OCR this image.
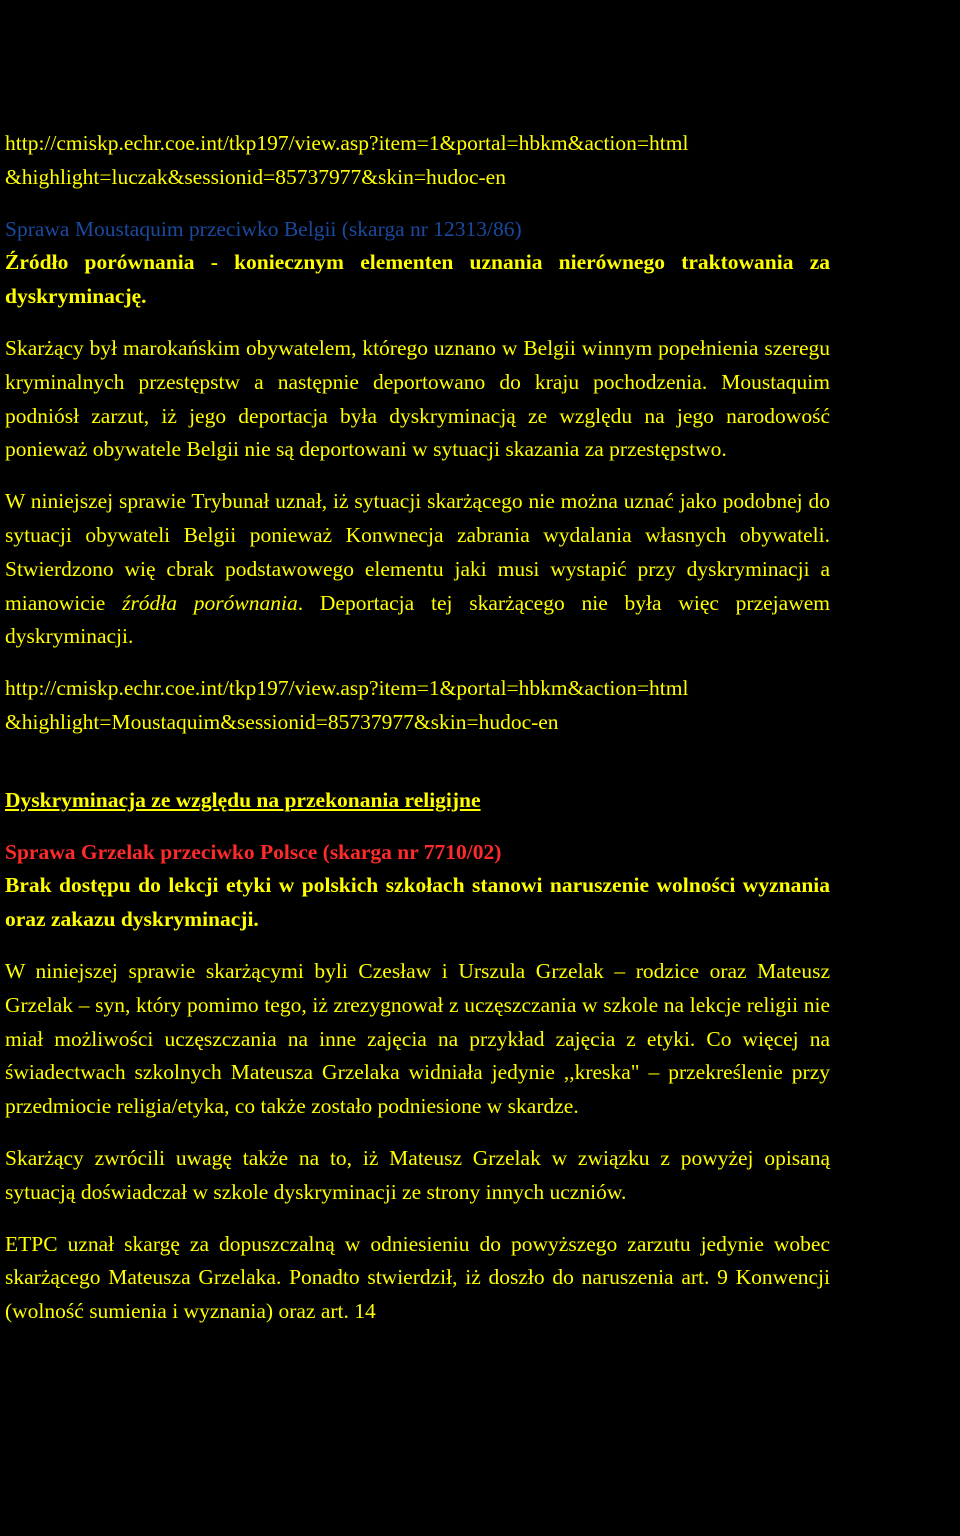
http://cmiskp.echr.coe.int/tkp197/view.asp?item=1&portal=hbkm&action=html

&highlight=luczak&sessionid=85737977&skin=hudoc-en

Sprawa Moustaquim przeciwko Belgii (skarga nr 12313/86)

Źródło porównania - koniecznym elementen uznania nierównego traktowania za dyskryminację.

Skarżący był marokańskim obywatelem, którego uznano w Belgii winnym popełnienia szeregu kryminalnych przestępstw a następnie deportowano do kraju pochodzenia. Moustaquim podniósł zarzut, iż jego deportacja była dyskryminacją ze względu na jego narodowość ponieważ obywatele Belgii nie są deportowani w sytuacji skazania za przestępstwo.

W niniejszej sprawie Trybunał uznał, iż sytuacji skarżącego nie można uznać jako podobnej do sytuacji obywateli Belgii ponieważ Konwnecja zabrania wydalania własnych obywateli. Stwierdzono wię cbrak podstawowego elementu jaki musi wystapić przy dyskryminacji a mianowicie źródła porównania. Deportacja tej skarżącego nie była więc przejawem dyskryminacji.

http://cmiskp.echr.coe.int/tkp197/view.asp?item=1&portal=hbkm&action=html

&highlight=Moustaquim&sessionid=85737977&skin=hudoc-en

Dyskryminacja ze względu na przekonania religijne

Sprawa Grzelak przeciwko Polsce (skarga nr 7710/02)

Brak dostępu do lekcji etyki w polskich szkołach stanowi naruszenie wolności wyznania oraz zakazu dyskryminacji.

W niniejszej sprawie skarżącymi byli Czesław i Urszula Grzelak – rodzice oraz Mateusz Grzelak – syn, który pomimo tego, iż zrezygnował z uczęszczania w szkole na lekcje religii nie miał możliwości uczęszczania na inne zajęcia na przykład zajęcia z etyki. Co więcej na świadectwach szkolnych Mateusza Grzelaka widniała jedynie ,,kreska" – przekreślenie przy przedmiocie religia/etyka, co także zostało podniesione w skardze.

Skarżący zwrócili uwagę także na to, iż Mateusz Grzelak w związku z powyżej opisaną sytuacją doświadczał w szkole dyskryminacji ze strony innych uczniów.

ETPC uznał skargę za dopuszczalną w odniesieniu do powyższego zarzutu jedynie wobec skarżącego Mateusza Grzelaka. Ponadto stwierdził, iż doszło do naruszenia art. 9 Konwencji (wolność sumienia i wyznania) oraz art. 14
